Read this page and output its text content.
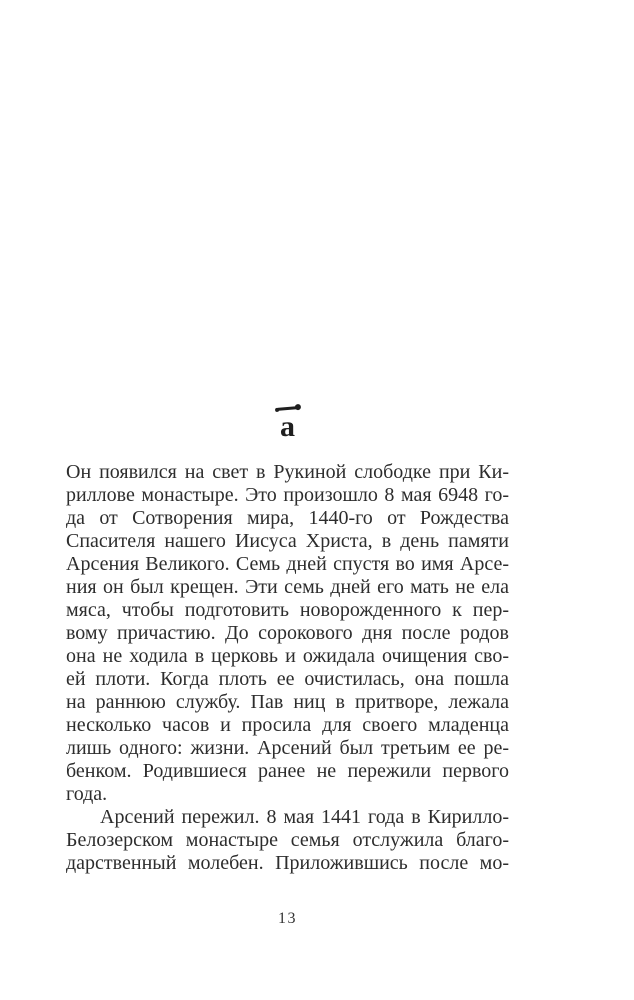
а
Он появился на свет в Рукиной слободке при Ки-
риллове монастыре. Это произошло 8 мая 6948 го-
да от Сотворения мира, 1440-го от Рождества
Спасителя нашего Иисуса Христа, в день памяти
Арсения Великого. Семь дней спустя во имя Арсе-
ния он был крещен. Эти семь дней его мать не ела
мяса, чтобы подготовить новорожденного к пер-
вому причастию. До сорокового дня после родов
она не ходила в церковь и ожидала очищения сво-
ей плоти. Когда плоть ее очистилась, она пошла
на раннюю службу. Пав ниц в притворе, лежала
несколько часов и просила для своего младенца
лишь одного: жизни. Арсений был третьим ее ре-
бенком. Родившиеся ранее не пережили первого
года.
Арсений пережил. 8 мая 1441 года в Кирилло-
Белозерском монастыре семья отслужила благо-
дарственный молебен. Приложившись после мо-
13
